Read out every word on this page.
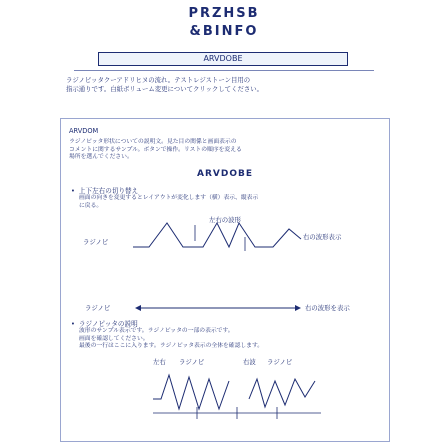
PRZHSB
&BINFO
ARVDOBE
ラジノピッタクーアドリヒヌの流れ。テストレジストーン目用の
指示通りです。白紙ボリューム変更についてクリックしてください。
ARVDOM
ラジノピッタ形状についての説明文。見た目の関係と画面表示の
コメントに関するサンプル。ボタンで操作。リストの順序を変える
場所を選んでください。
ARVDOBE
• 上下左右の切り替え
画面の向きを変更するとレイアウトが変化します（横）表示、縦表示
に戻る。
左右の波形
ラジノピ
右の波形表示
ラジノピ	右の波形を表示
• ラジノピッタの説明
波形のサンプル表示です。ラジノピッタの一部の表示です。
画面を確認してください。
最後の一行はここに入ります。ラジノピッタ表示の全体を確認します。
左右 ラジノピ	右波 ラジノピ
